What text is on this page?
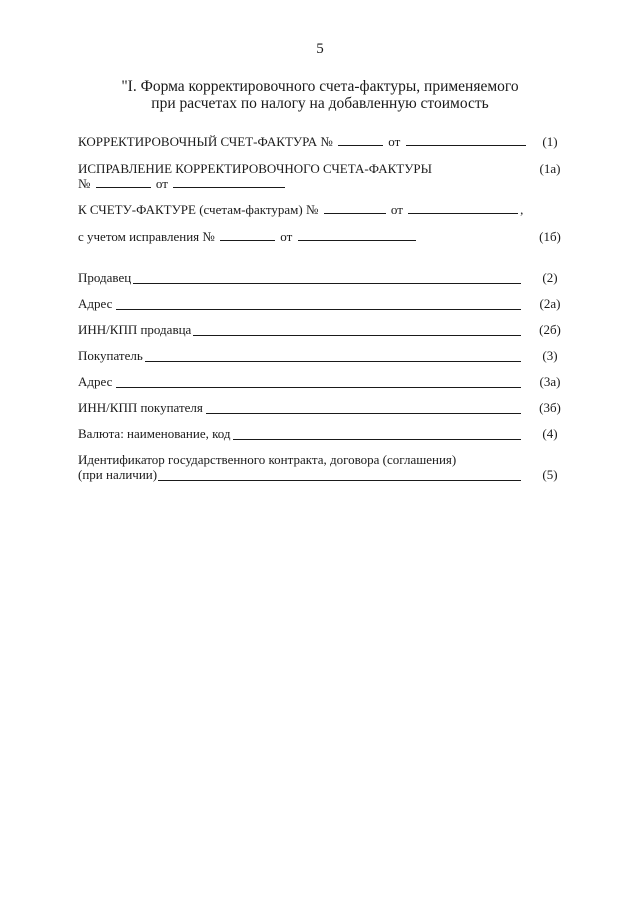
5
"I. Форма корректировочного счета-фактуры, применяемого
при расчетах по налогу на добавленную стоимость
КОРРЕКТИРОВОЧНЫЙ СЧЕТ-ФАКТУРА №	от	(1)
ИСПРАВЛЕНИЕ КОРРЕКТИРОВОЧНОГО СЧЕТА-ФАКТУРЫ	(1а)
№	от
К СЧЕТУ-ФАКТУРЕ (счетам-фактурам) №	от	,
с учетом исправления №	от	(1б)
Продавец	(2)
Адрес	(2а)
ИНН/КПП продавца	(2б)
Покупатель	(3)
Адрес	(3а)
ИНН/КПП покупателя	(3б)
Валюта: наименование, код	(4)
Идентификатор государственного контракта, договора (соглашения)
(при наличии)	(5)
